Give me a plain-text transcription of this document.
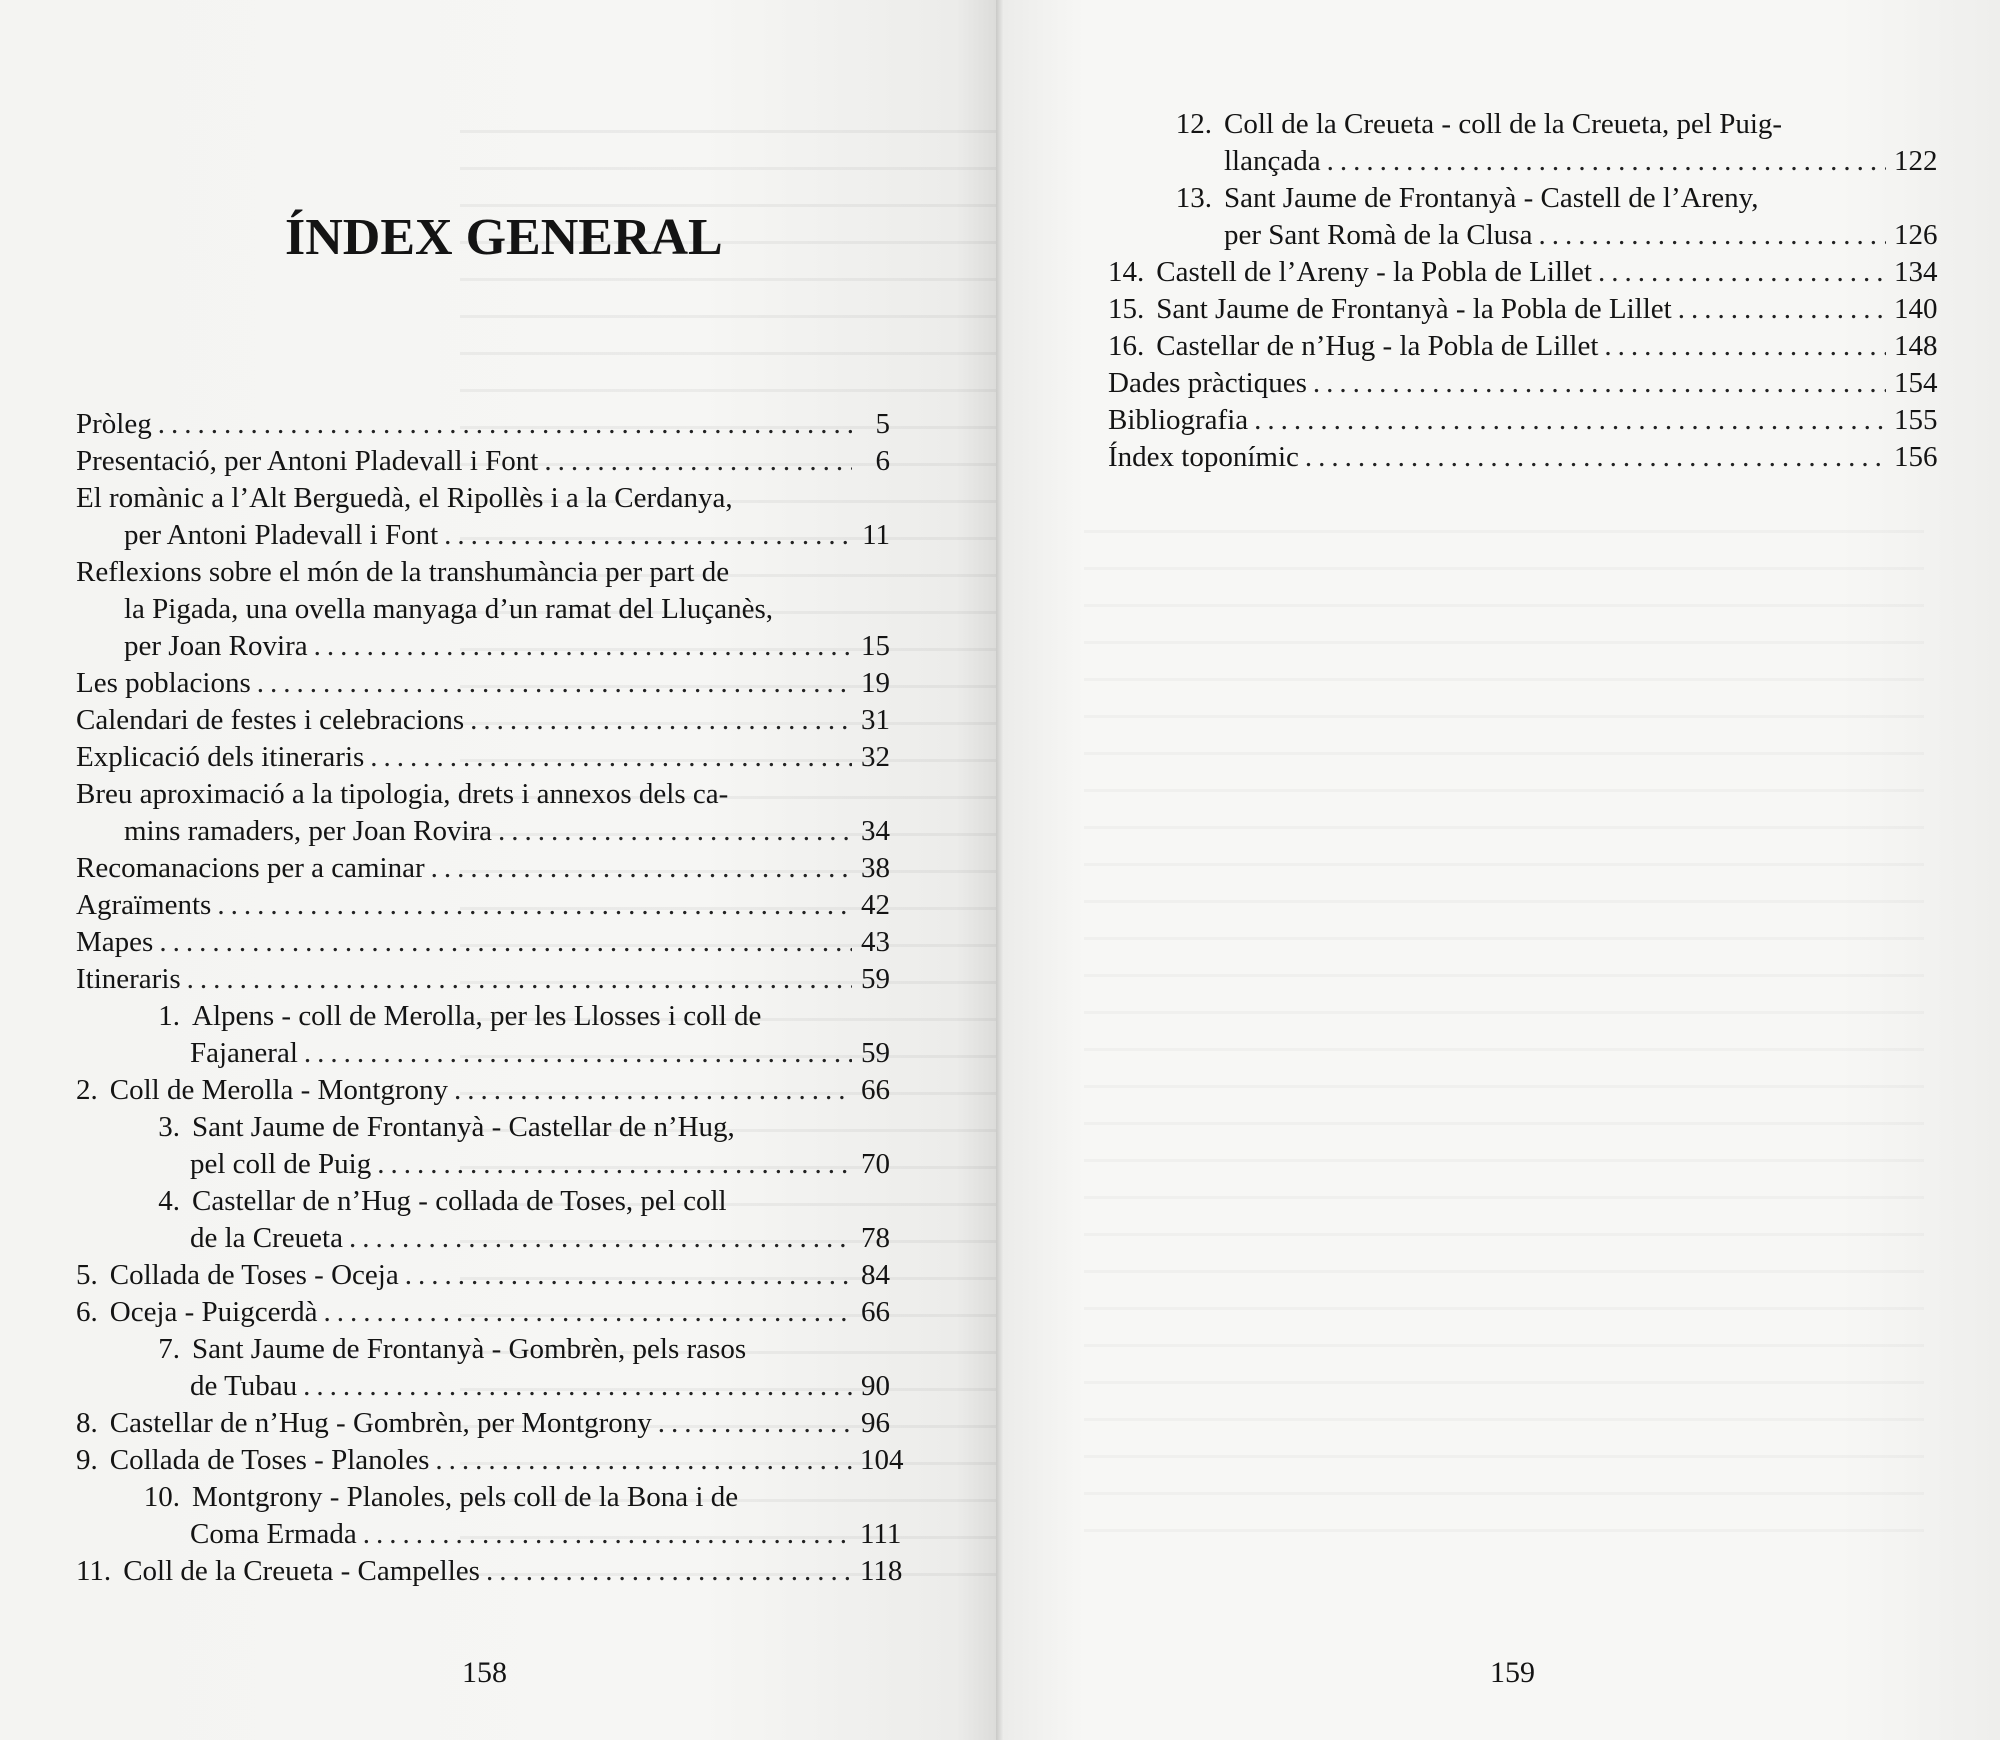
ÍNDEX GENERAL
Pròleg .....	5
Presentació, per Antoni Pladevall i Font .....	6
El romànic a l’Alt Berguedà, el Ripollès i a la Cerdanya,
per Antoni Pladevall i Font .....	11
Reflexions sobre el món de la transhumància per part de
la Pigada, una ovella manyaga d’un ramat del Lluçanès,
per Joan Rovira .....	15
Les poblacions .....	19
Calendari de festes i celebracions .....	31
Explicació dels itineraris .....	32
Breu aproximació a la tipologia, drets i annexos dels ca-
mins ramaders, per Joan Rovira .....	34
Recomanacions per a caminar .....	38
Agraïments .....	42
Mapes .....	43
Itineraris .....	59
1. Alpens - coll de Merolla, per les Llosses i coll de
Fajaneral .....	59
2. Coll de Merolla - Montgrony .....	66
3. Sant Jaume de Frontanyà - Castellar de n’Hug,
pel coll de Puig .....	70
4. Castellar de n’Hug - collada de Toses, pel coll
de la Creueta .....	78
5. Collada de Toses - Oceja .....	84
6. Oceja - Puigcerdà .....	66
7. Sant Jaume de Frontanyà - Gombrèn, pels rasos
de Tubau .....	90
8. Castellar de n’Hug - Gombrèn, per Montgrony .....	96
9. Collada de Toses - Planoles .....	104
10. Montgrony - Planoles, pels coll de la Bona i de
Coma Ermada .....	111
11. Coll de la Creueta - Campelles .....	118
158
12. Coll de la Creueta - coll de la Creueta, pel Puig-
llançada .....	122
13. Sant Jaume de Frontanyà - Castell de l’Areny,
per Sant Romà de la Clusa .....	126
14. Castell de l’Areny - la Pobla de Lillet .....	134
15. Sant Jaume de Frontanyà - la Pobla de Lillet .....	140
16. Castellar de n’Hug - la Pobla de Lillet .....	148
Dades pràctiques .....	154
Bibliografia .....	155
Índex toponímic .....	156
159
